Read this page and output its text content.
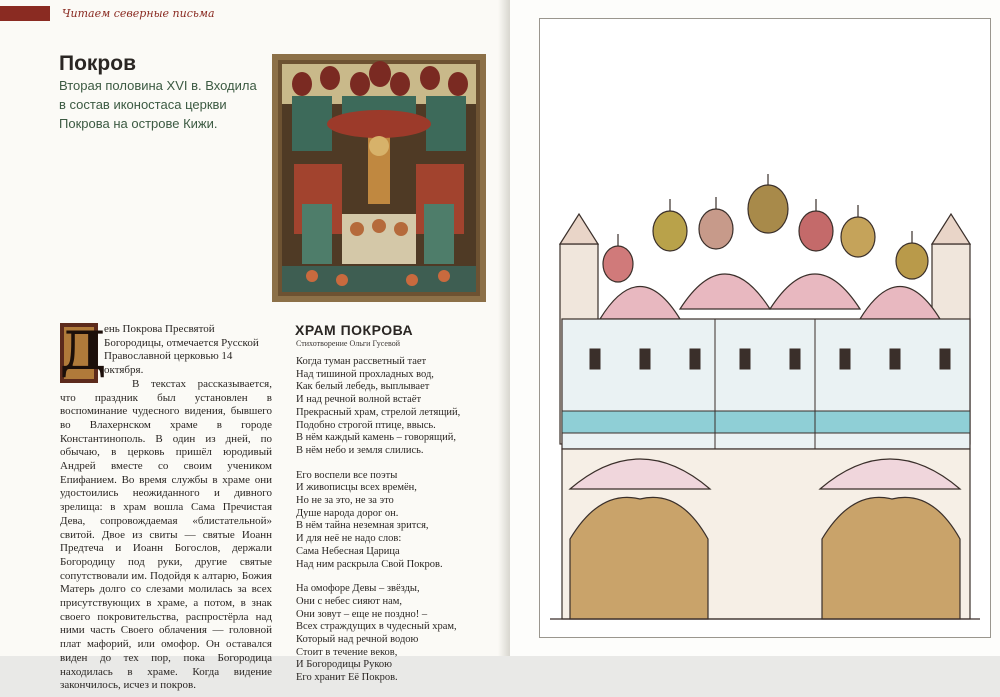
Читаем северные письма
Покров
Вторая половина XVI в. Входила в состав иконостаса церкви Покрова на острове Кижи.
Д

ень Покрова Пресвятой Богородицы, отмечается Русской Православной церковью 14 октября.

В текстах рассказывается, что праздник был установлен в воспоминание чудесного видения, бывшего во Влахернском храме в городе Константинополь. В один из дней, по обычаю, в церковь пришёл юродивый Андрей вместе со своим учеником Епифанием. Во время службы в храме они удостоились неожиданного и дивного зрелища: в храм вошла Сама Пречистая Дева, сопровождаемая «блистательной» свитой. Двое из свиты — святые Иоанн Предтеча и Иоанн Богослов, держали Богородицу под руки, другие святые сопутствовали им. Подойдя к алтарю, Божия Матерь долго со слезами молилась за всех присутствующих в храме, а потом, в знак своего покровительства, распростёрла над ними часть Своего облачения — головной плат мафорий, или омофор. Он оставался виден до тех пор, пока Богородица находилась в храме. Когда видение закончилось, исчез и покров.

ХРАМ ПОКРОВА
Стихотворение Ольги Гусевой
Когда туман рассветный тает
Над тишиной прохладных вод,
Как белый лебедь, выплывает
И над речной волной встаёт
Прекрасный храм, стрелой летящий,
Подобно строгой птице, ввысь.
В нём каждый камень – говорящий,
В нём небо и земля слились.
Его воспели все поэты
И живописцы всех времён,
Но не за это, не за это
Душе народа дорог он.
В нём тайна неземная зрится,
И для неё не надо слов:
Сама Небесная Царица
Над ним раскрыла Свой Покров.
На омофоре Девы – звёзды,
Они с небес сияют нам,
Они зовут – еще не поздно! –
Всех страждущих в чудесный храм,
Который над речной водою
Стоит в течение веков,
И Богородицы Рукою
Его хранит Её Покров.
